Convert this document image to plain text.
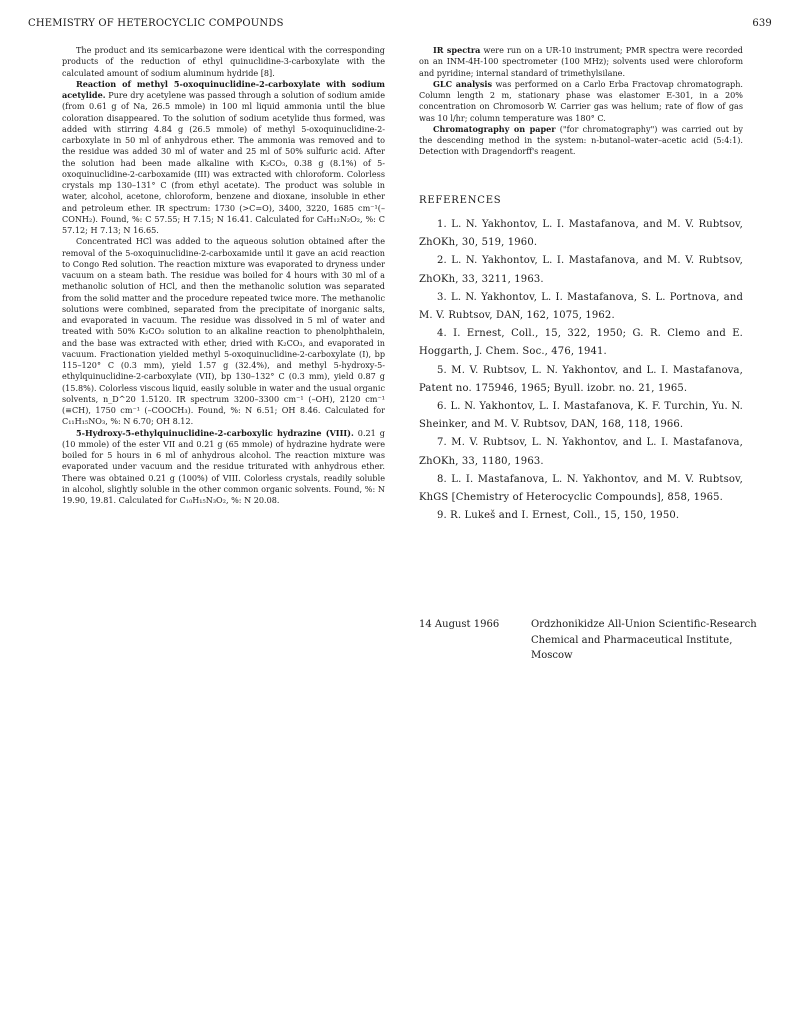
CHEMISTRY OF HETEROCYCLIC COMPOUNDS	639

The product and its semicarbazone were identical with the corresponding products of the reduction of ethyl quinuclidine-3-carboxylate with the calculated amount of sodium aluminum hydride [8].

Reaction of methyl 5-oxoquinuclidine-2-carboxylate with sodium acetylide. Pure dry acetylene was passed through a solution of sodium amide (from 0.61 g of Na, 26.5 mmole) in 100 ml liquid ammonia until the blue coloration disappeared. To the solution of sodium acetylide thus formed, was added with stirring 4.84 g (26.5 mmole) of methyl 5-oxoquinuclidine-2-carboxylate in 50 ml of anhydrous ether. The ammonia was removed and to the residue was added 30 ml of water and 25 ml of 50% sulfuric acid. After the solution had been made alkaline with K₂CO₃, 0.38 g (8.1%) of 5-oxoquinuclidine-2-carboxamide (III) was extracted with chloroform. Colorless crystals mp 130–131° C (from ethyl acetate). The product was soluble in water, alcohol, acetone, chloroform, benzene and dioxane, insoluble in ether and petroleum ether. IR spectrum: 1730 (>C=O), 3400, 3220, 1685 cm⁻¹(–CONH₂). Found, %: C 57.55; H 7.15; N 16.41. Calculated for C₈H₁₂N₂O₂, %: C 57.12; H 7.13; N 16.65.

Concentrated HCl was added to the aqueous solution obtained after the removal of the 5-oxoquinuclidine-2-carboxamide until it gave an acid reaction to Congo Red solution. The reaction mixture was evaporated to dryness under vacuum on a steam bath. The residue was boiled for 4 hours with 30 ml of a methanolic solution of HCl, and then the methanolic solution was separated from the solid matter and the procedure repeated twice more. The methanolic solutions were combined, separated from the precipitate of inorganic salts, and evaporated in vacuum. The residue was dissolved in 5 ml of water and treated with 50% K₂CO₃ solution to an alkaline reaction to phenolphthalein, and the base was extracted with ether, dried with K₂CO₃, and evaporated in vacuum. Fractionation yielded methyl 5-oxoquinuclidine-2-carboxylate (I), bp 115–120° C (0.3 mm), yield 1.57 g (32.4%), and methyl 5-hydroxy-5-ethylquinuclidine-2-carboxylate (VII), bp 130–132° C (0.3 mm), yield 0.87 g (15.8%). Colorless viscous liquid, easily soluble in water and the usual organic solvents, n_D^20 1.5120. IR spectrum 3200–3300 cm⁻¹ (–OH), 2120 cm⁻¹ (≡CH), 1750 cm⁻¹ (–COOCH₃). Found, %: N 6.51; OH 8.46. Calculated for C₁₁H₁₅NO₃, %: N 6.70; OH 8.12.

5-Hydroxy-5-ethylquinuclidine-2-carboxylic hydrazine (VIII). 0.21 g (10 mmole) of the ester VII and 0.21 g (65 mmole) of hydrazine hydrate were boiled for 5 hours in 6 ml of anhydrous alcohol. The reaction mixture was evaporated under vacuum and the residue triturated with anhydrous ether. There was obtained 0.21 g (100%) of VIII. Colorless crystals, readily soluble in alcohol, slightly soluble in the other common organic solvents. Found, %: N 19.90, 19.81. Calculated for C₁₀H₁₅N₃O₂, %: N 20.08.

IR spectra were run on a UR-10 instrument; PMR spectra were recorded on an INM-4H-100 spectrometer (100 MHz); solvents used were chloroform and pyridine; internal standard of trimethylsilane.

GLC analysis was performed on a Carlo Erba Fractovap chromatograph. Column length 2 m, stationary phase was elastomer E-301, in a 20% concentration on Chromosorb W. Carrier gas was helium; rate of flow of gas was 10 l/hr; column temperature was 180° C.

Chromatography on paper ("for chromatography") was carried out by the descending method in the system: n-butanol–water–acetic acid (5:4:1). Detection with Dragendorff's reagent.

REFERENCES

1. L. N. Yakhontov, L. I. Mastafanova, and M. V. Rubtsov, ZhOKh, 30, 519, 1960.

2. L. N. Yakhontov, L. I. Mastafanova, and M. V. Rubtsov, ZhOKh, 33, 3211, 1963.

3. L. N. Yakhontov, L. I. Mastafanova, S. L. Portnova, and M. V. Rubtsov, DAN, 162, 1075, 1962.

4. I. Ernest, Coll., 15, 322, 1950; G. R. Clemo and E. Hoggarth, J. Chem. Soc., 476, 1941.

5. M. V. Rubtsov, L. N. Yakhontov, and L. I. Mastafanova, Patent no. 175946, 1965; Byull. izobr. no. 21, 1965.

6. L. N. Yakhontov, L. I. Mastafanova, K. F. Turchin, Yu. N. Sheinker, and M. V. Rubtsov, DAN, 168, 118, 1966.

7. M. V. Rubtsov, L. N. Yakhontov, and L. I. Mastafanova, ZhOKh, 33, 1180, 1963.

8. L. I. Mastafanova, L. N. Yakhontov, and M. V. Rubtsov, KhGS [Chemistry of Heterocyclic Compounds], 858, 1965.

9. R. Lukeš and I. Ernest, Coll., 15, 150, 1950.

14 August 1966	Ordzhonikidze All-Union Scientific-Research Chemical and Pharmaceutical Institute, Moscow
